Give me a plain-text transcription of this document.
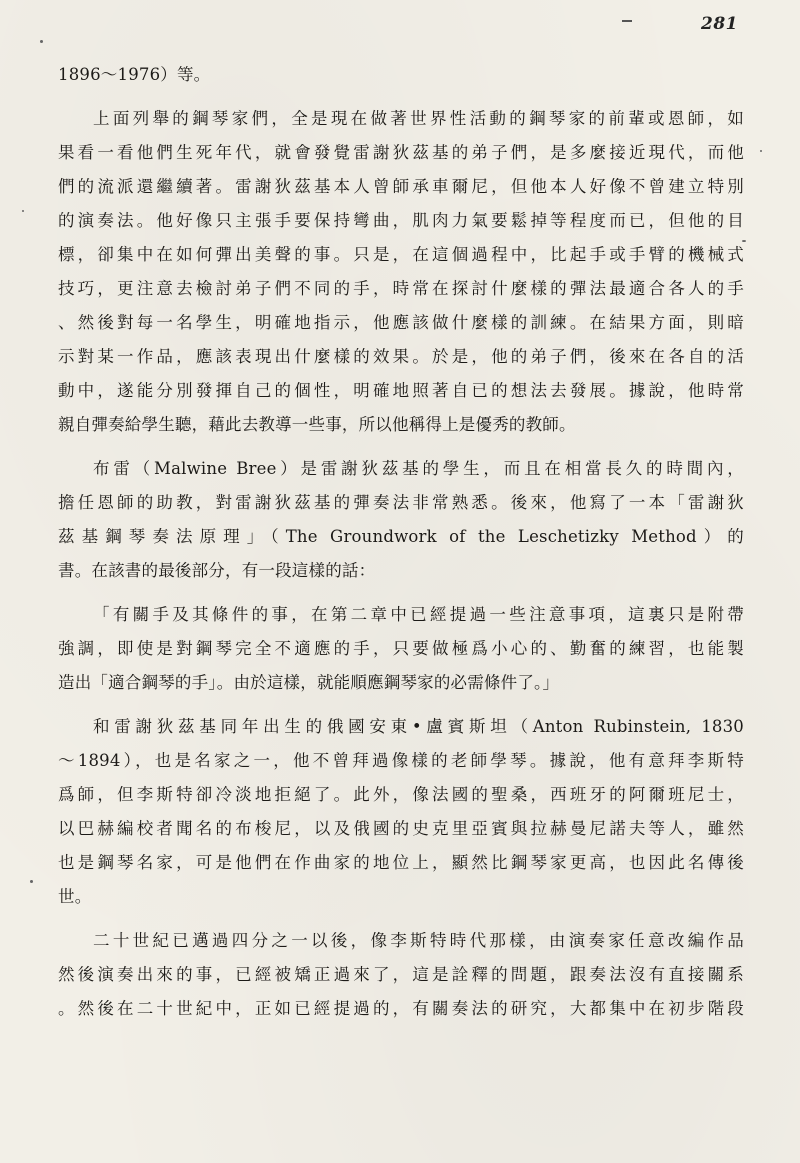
281
1896～1976）等。
上面列舉的鋼琴家們，全是現在做著世界性活動的鋼琴家的前輩或恩師，如
果看一看他們生死年代，就會發覺雷謝狄茲基的弟子們，是多麼接近現代，而他
們的流派還繼續著。雷謝狄茲基本人曾師承車爾尼，但他本人好像不曾建立特別
的演奏法。他好像只主張手要保持彎曲，肌肉力氣要鬆掉等程度而已，但他的目
標，卻集中在如何彈出美聲的事。只是，在這個過程中，比起手或手臂的機械式
技巧，更注意去檢討弟子們不同的手，時常在探討什麼樣的彈法最適合各人的手
、然後對每一名學生，明確地指示，他應該做什麼樣的訓練。在結果方面，則暗
示對某一作品，應該表現出什麼樣的效果。於是，他的弟子們，後來在各自的活
動中，遂能分別發揮自己的個性，明確地照著自已的想法去發展。據說，他時常
親自彈奏給學生聽，藉此去教導一些事，所以他稱得上是優秀的教師。
布雷（Malwine Bree）是雷謝狄茲基的學生，而且在相當長久的時間內，
擔任恩師的助教，對雷謝狄茲基的彈奏法非常熟悉。後來，他寫了一本「雷謝狄
茲基鋼琴奏法原理」（The Groundwork of the Leschetizky Method）的
書。在該書的最後部分，有一段這樣的話：
「有關手及其條件的事，在第二章中已經提過一些注意事項，這裏只是附帶
強調，即使是對鋼琴完全不適應的手，只要做極爲小心的、勤奮的練習，也能製
造出「適合鋼琴的手」。由於這樣，就能順應鋼琴家的必需條件了。」
和雷謝狄茲基同年出生的俄國安東•盧賓斯坦（Anton Rubinstein, 1830
～1894），也是名家之一，他不曾拜過像樣的老師學琴。據說，他有意拜李斯特
爲師，但李斯特卻冷淡地拒絕了。此外，像法國的聖桑，西班牙的阿爾班尼士，
以巴赫編校者聞名的布梭尼，以及俄國的史克里亞賓與拉赫曼尼諾夫等人，雖然
也是鋼琴名家，可是他們在作曲家的地位上，顯然比鋼琴家更高，也因此名傳後
世。
二十世紀已邁過四分之一以後，像李斯特時代那樣，由演奏家任意改編作品
然後演奏出來的事，已經被矯正過來了，這是詮釋的問題，跟奏法沒有直接關系
。然後在二十世紀中，正如已經提過的，有關奏法的研究，大都集中在初步階段
